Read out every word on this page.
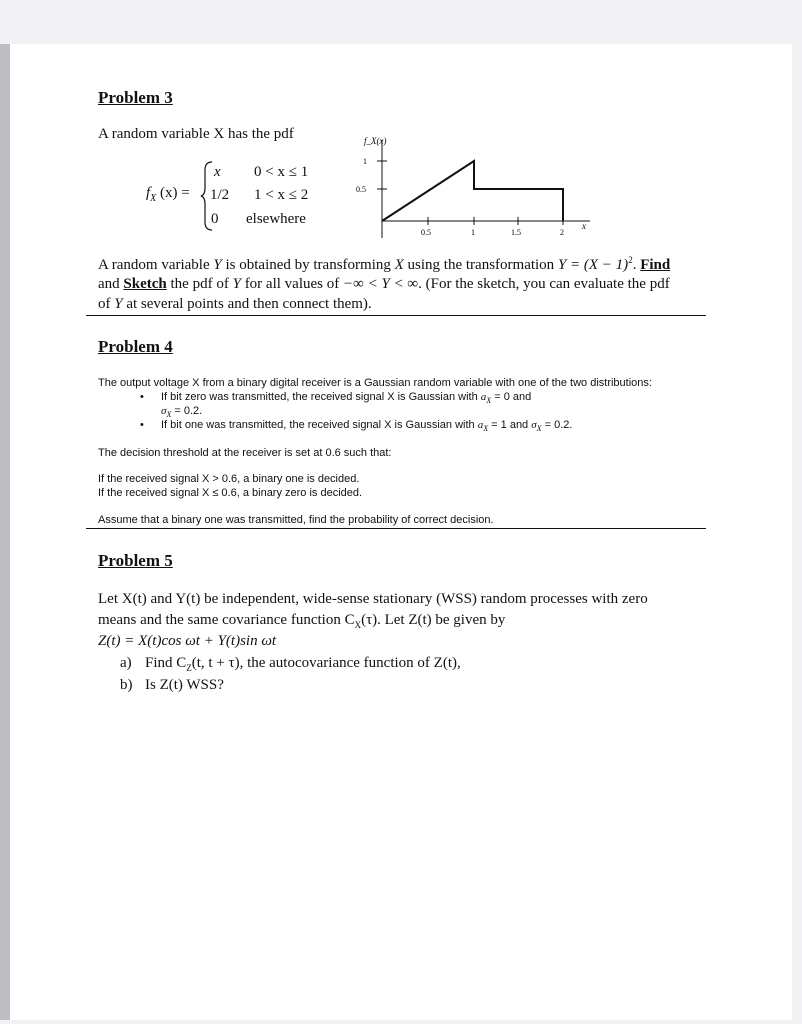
Problem 3
A random variable X has the pdf
$f_X$ (x) =
x 0 < x ≤ 1
1/2 1 < x ≤ 2
0 elsewhere
f_X(x)
x
1
0.5
0.5	1	1.5	2
A random variable Y is obtained by transforming X using the transformation $Y = (X - 1)^2$. Find
and Sketch the pdf of Y for all values of −∞ < Y < ∞. (For the sketch, you can evaluate the pdf
of Y at several points and then connect them).
Problem 4
The output voltage X from a binary digital receiver is a Gaussian random variable with one of the two distributions:
• If bit zero was transmitted, the received signal X is Gaussian with $a_X = 0$ and
$\sigma_X = 0.2$.
• If bit one was transmitted, the received signal X is Gaussian with $a_X = 1$ and $\sigma_X = 0.2$.
The decision threshold at the receiver is set at 0.6 such that:
If the received signal X > 0.6, a binary one is decided.
If the received signal X ≤ 0.6, a binary zero is decided.
Assume that a binary one was transmitted, find the probability of correct decision.
Problem 5
Let X(t) and Y(t) be independent, wide-sense stationary (WSS) random processes with zero
means and the same covariance function $C_X(\tau)$. Let Z(t) be given by
Z(t) = X(t)cos ωt + Y(t)sin ωt
a) Find $C_Z(t$, t + τ), the autocovariance function of Z(t),
b) Is Z(t) WSS?
